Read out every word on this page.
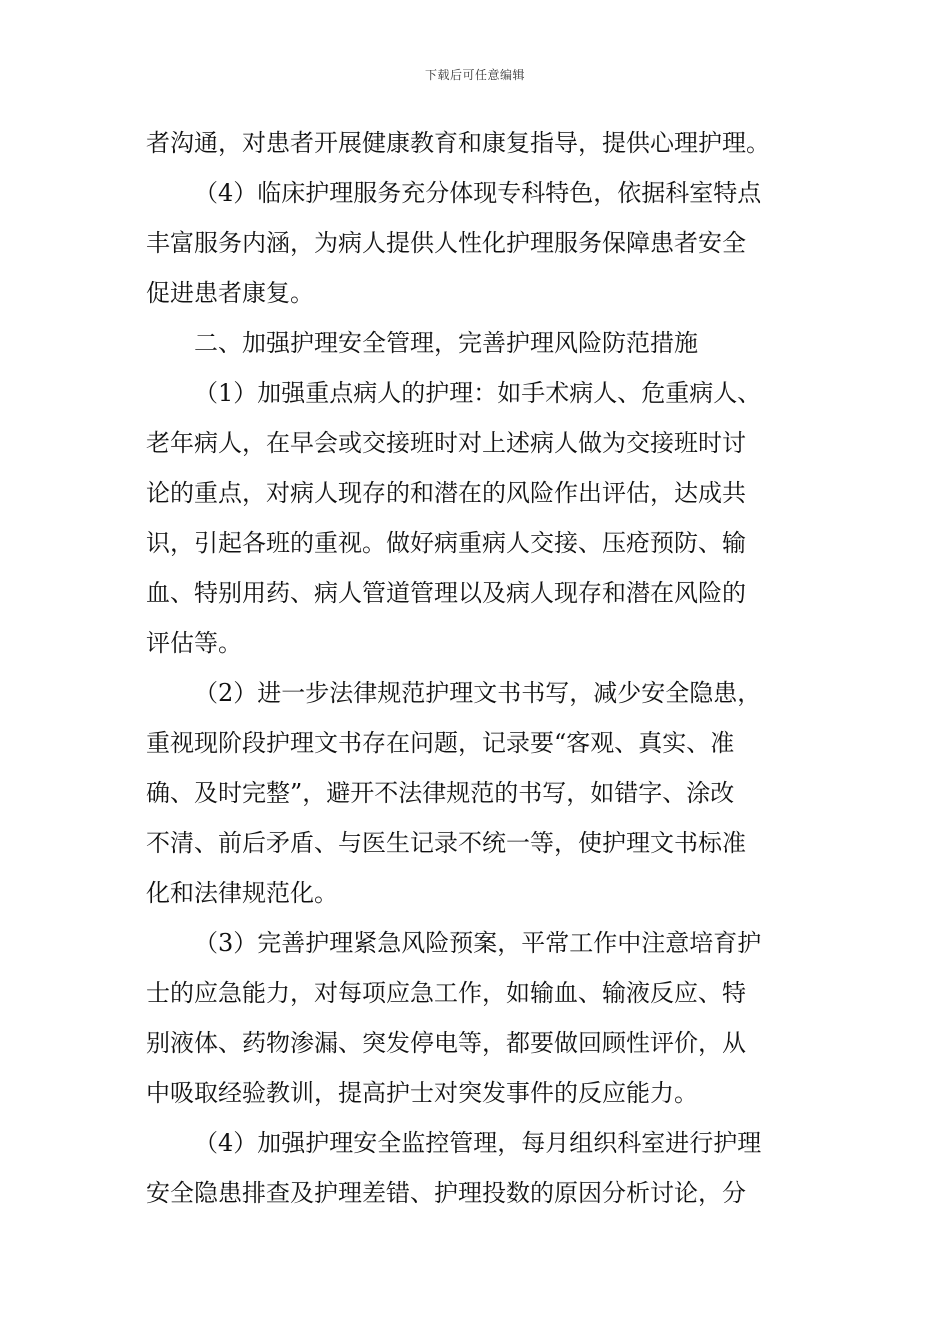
下载后可任意编辑
者沟通，对患者开展健康教育和康复指导，提供心理护理。
（4）临床护理服务充分体现专科特色，依据科室特点
丰富服务内涵，为病人提供人性化护理服务保障患者安全
促进患者康复。
二、加强护理安全管理，完善护理风险防范措施
（1）加强重点病人的护理：如手术病人、危重病人、
老年病人，在早会或交接班时对上述病人做为交接班时讨
论的重点，对病人现存的和潜在的风险作出评估，达成共
识，引起各班的重视。做好病重病人交接、压疮预防、输
血、特别用药、病人管道管理以及病人现存和潜在风险的
评估等。
（2）进一步法律规范护理文书书写，减少安全隐患，
重视现阶段护理文书存在问题，记录要“客观、真实、准
确、及时完整”，避开不法律规范的书写，如错字、涂改
不清、前后矛盾、与医生记录不统一等，使护理文书标准
化和法律规范化。
（3）完善护理紧急风险预案，平常工作中注意培育护
士的应急能力，对每项应急工作，如输血、输液反应、特
别液体、药物渗漏、突发停电等，都要做回顾性评价，从
中吸取经验教训，提高护士对突发事件的反应能力。
（4）加强护理安全监控管理，每月组织科室进行护理
安全隐患排查及护理差错、护理投数的原因分析讨论，分
